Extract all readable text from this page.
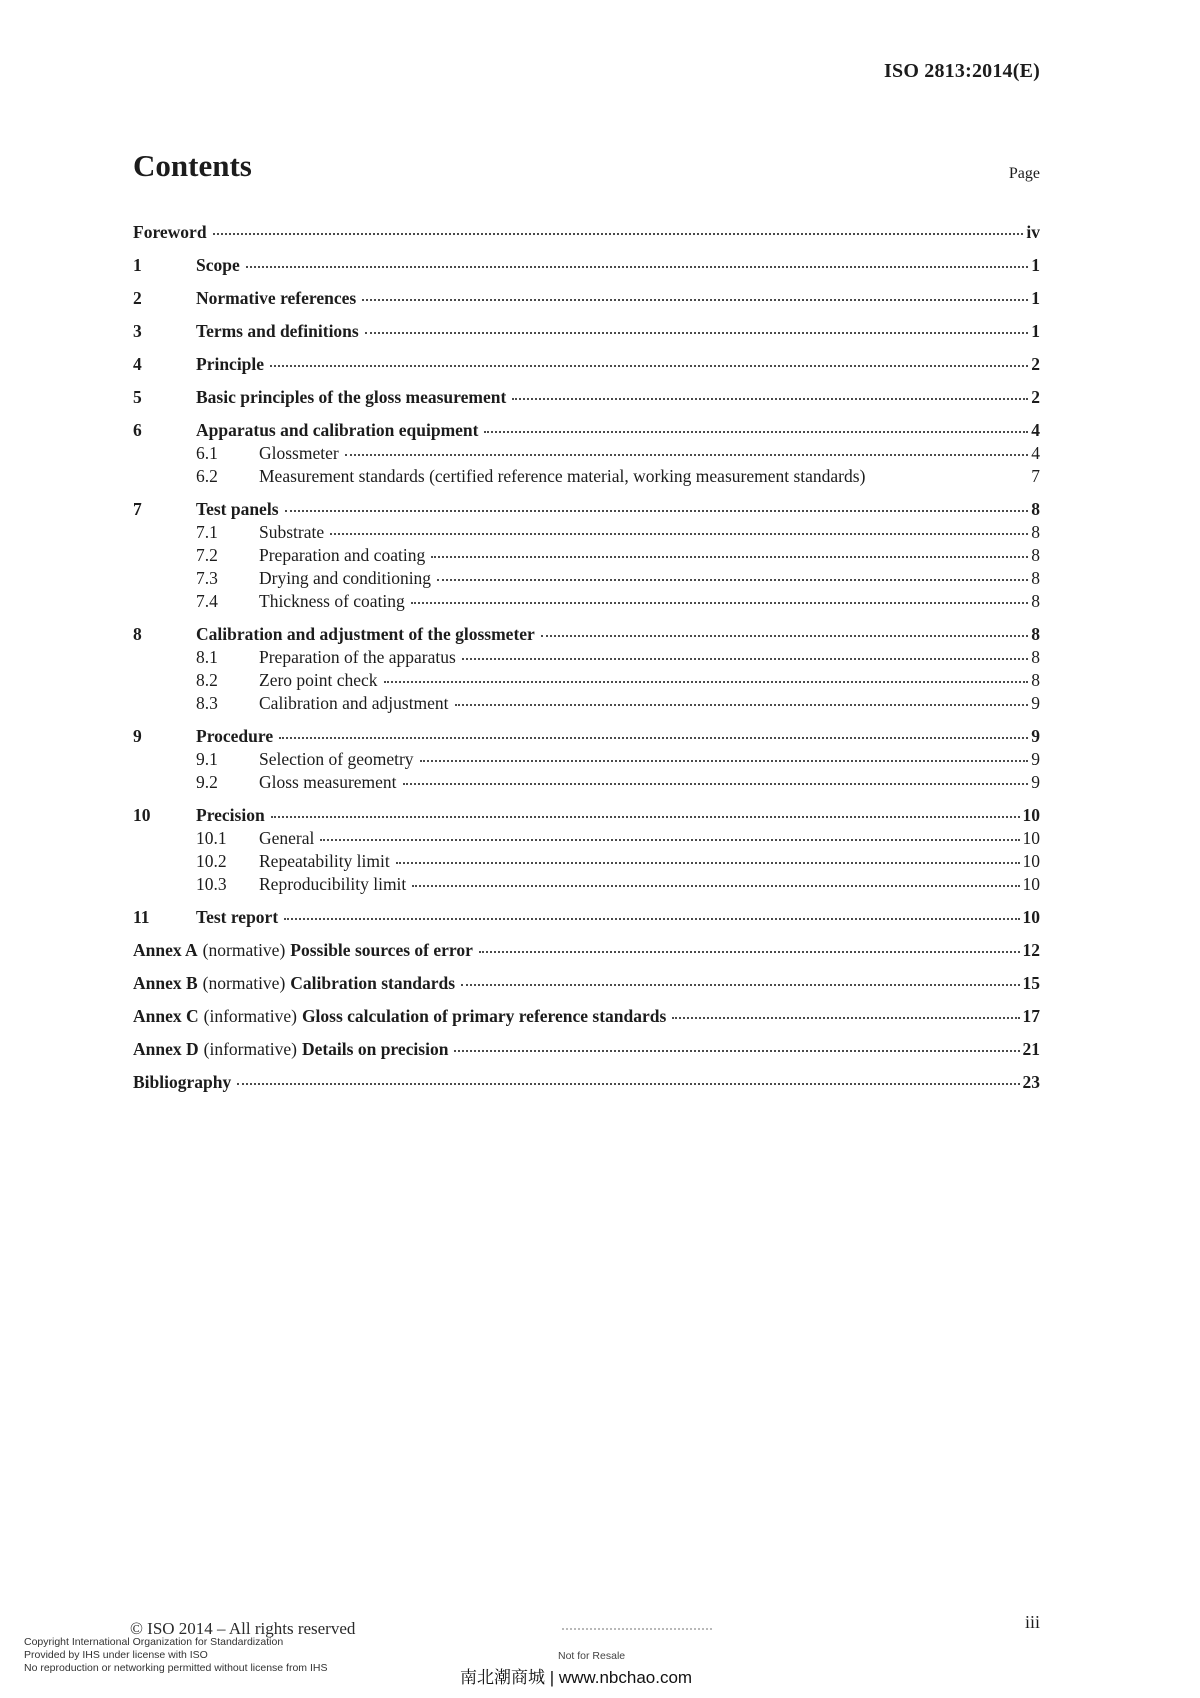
ISO 2813:2014(E)
Contents	Page
Foreword	iv
1	Scope	1
2	Normative references	1
3	Terms and definitions	1
4	Principle	2
5	Basic principles of the gloss measurement	2
6	Apparatus and calibration equipment	4
6.1	Glossmeter	4
6.2	Measurement standards (certified reference material, working measurement standards)	7
7	Test panels	8
7.1	Substrate	8
7.2	Preparation and coating	8
7.3	Drying and conditioning	8
7.4	Thickness of coating	8
8	Calibration and adjustment of the glossmeter	8
8.1	Preparation of the apparatus	8
8.2	Zero point check	8
8.3	Calibration and adjustment	9
9	Procedure	9
9.1	Selection of geometry	9
9.2	Gloss measurement	9
10	Precision	10
10.1	General	10
10.2	Repeatability limit	10
10.3	Reproducibility limit	10
11	Test report	10
Annex A (normative) Possible sources of error	12
Annex B (normative) Calibration standards	15
Annex C (informative) Gloss calculation of primary reference standards	17
Annex D (informative) Details on precision	21
Bibliography	23
© ISO 2014 – All rights reserved
Copyright International Organization for Standardization
Provided by IHS under license with ISO
No reproduction or networking permitted without license from IHS
Not for Resale
南北潮商城 | www.nbchao.com
iii
